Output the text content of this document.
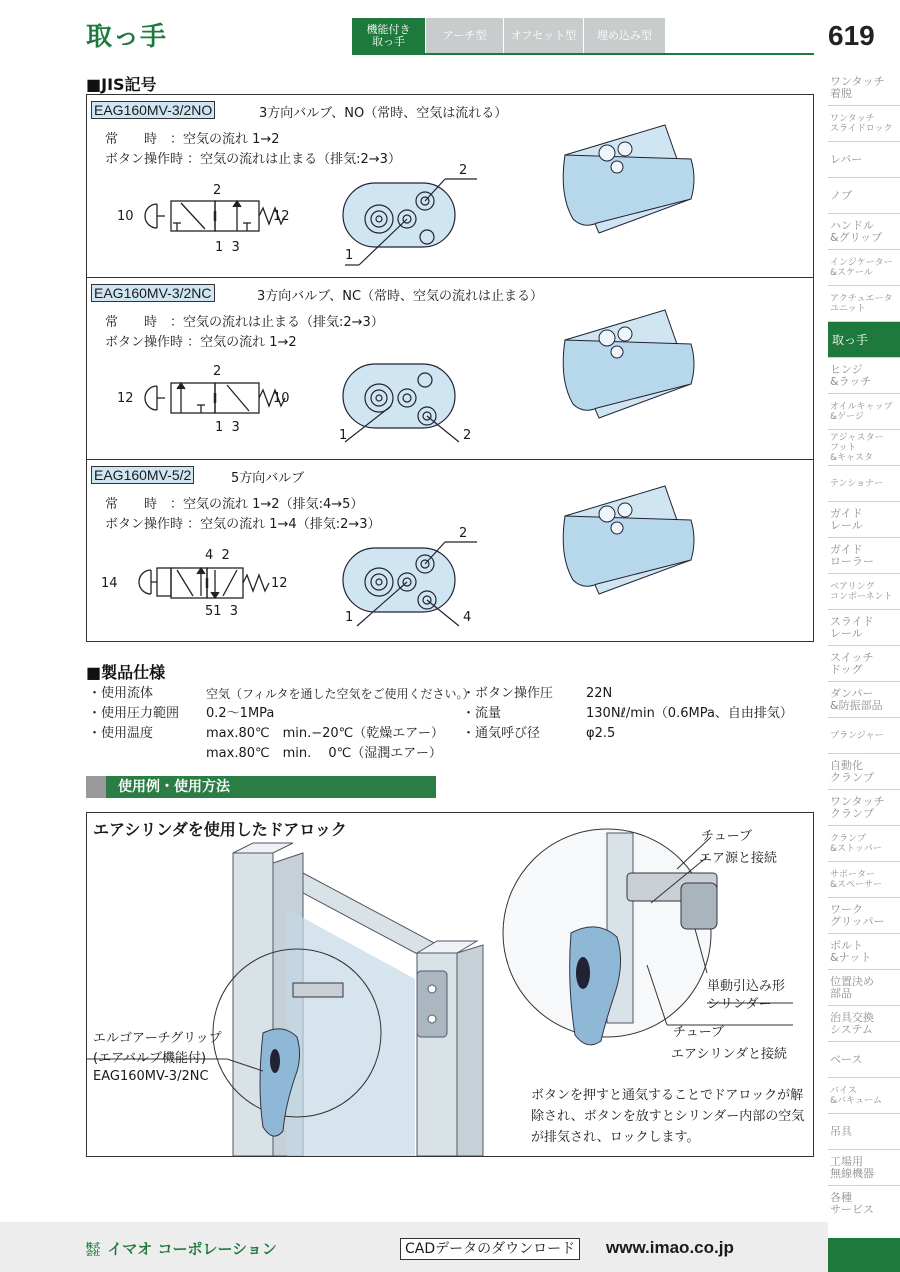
取っ手	機能付き
取っ手	アーチ型	オフセット型	埋め込み型	619
ワンタッチ
着脱
ワンタッチ
スライドロック
レバー
ノブ
ハンドル
&グリップ
インジケーター
&スケール
アクチュエータ
ユニット
取っ手
ヒンジ
&ラッチ
オイルキャップ
&ゲージ
アジャスター
フット
&キャスタ
テンショナー
ガイド
レール
ガイド
ローラー
ベアリング
コンポーネント
スライド
レール
スイッチ
ドッグ
ダンパー
&防振部品
プランジャー
自動化
クランプ
ワンタッチ
クランプ
クランプ
&ストッパー
サポーター
&スペーサー
ワーク
グリッパー
ボルト
&ナット
位置決め
部品
治具交換
システム
ベース
バイス
&バキューム
吊具
工場用
無線機器
各種
サービス
■JIS記号
EAG160MV-3/2NO	3方向バルブ、NO（常時、空気は流れる）
常　　時　：空気の流れ 1→2
ボタン操作時 ：空気の流れは止まる（排気:2→3）
10	12
2
1  3
2
1
EAG160MV-3/2NC	3方向バルブ、NC（常時、空気の流れは止まる）
常　　時　：空気の流れは止まる（排気:2→3）
ボタン操作時 ：空気の流れ 1→2
12	10
2
1  3
1	2
EAG160MV-5/2	5方向バルブ
常　　時　：空気の流れ 1→2（排気:4→5）
ボタン操作時 ：空気の流れ 1→4（排気:2→3）
14	12
4  2
51  3
2
1	4
■製品仕様
・使用流体	空気（フィルタを通した空気をご使用ください。）
・使用圧力範囲	0.2〜1MPa
・使用温度	max.80℃　min.−20℃（乾燥エアー）
max.80℃　min.　 0℃（湿潤エアー）
・ボタン操作圧	22N
・流量	130Nℓ/min（0.6MPa、自由排気）
・通気呼び径	φ2.5
使用例・使用方法
エアシリンダを使用したドアロック	チューブ
エア源と接続
単動引込み形
シリンダー
チューブ
エアシリンダと接続
エルゴアーチグリップ
(エアバルブ機能付)
EAG160MV-3/2NC
ボタンを押すと通気することでドアロックが解除され、ボタンを放すとシリンダー内部の空気が排気され、ロックします。
株式会社 イマオ コーポレーション	CADデータのダウンロード www.imao.co.jp
